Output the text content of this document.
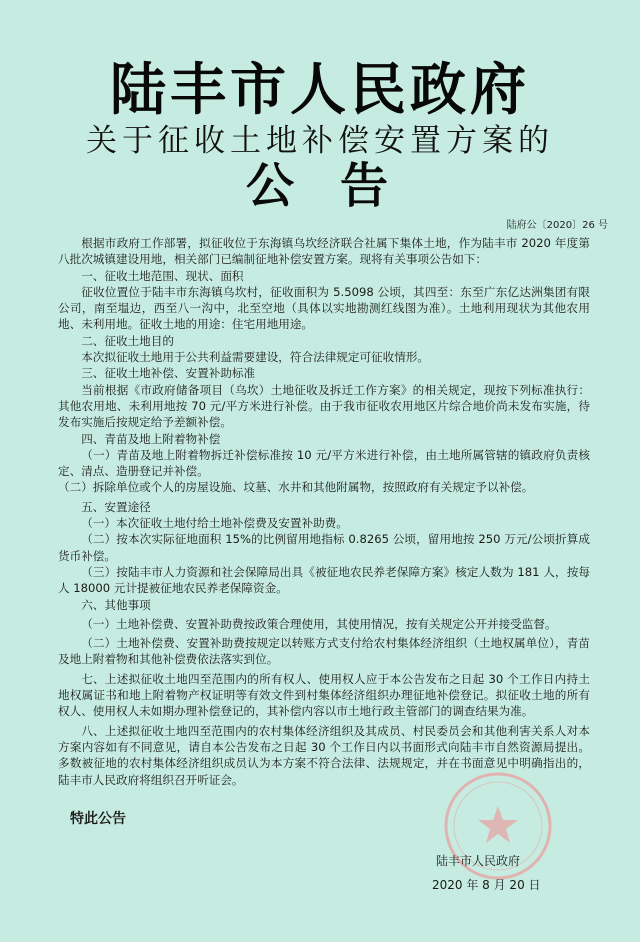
陆丰市人民政府
关于征收土地补偿安置方案的
公告
陆府公〔2020〕26 号

根据市政府工作部署，拟征收位于东海镇乌坎经济联合社属下集体土地，作为陆丰市 2020 年度第八批次城镇建设用地，相关部门已编制征地补偿安置方案。现将有关事项公告如下：

一、征收土地范围、现状、面积

征收位置位于陆丰市东海镇乌坎村，征收面积为 5.5098 公顷，其四至：东至广东亿达洲集团有限公司，南至塭边，西至八一沟中，北至空地（具体以实地勘测红线图为准）。土地利用现状为其他农用地、未利用地。征收土地的用途：住宅用地用途。

二、征收土地目的

本次拟征收土地用于公共利益需要建设，符合法律规定可征收情形。

三、征收土地补偿、安置补助标准

当前根据《市政府储备项目（乌坎）土地征收及拆迁工作方案》的相关规定，现按下列标准执行：其他农用地、未利用地按 70 元/平方米进行补偿。由于我市征收农用地区片综合地价尚未发布实施，待发布实施后按规定给予差额补偿。

四、青苗及地上附着物补偿

（一）青苗及地上附着物拆迁补偿标准按 10 元/平方米进行补偿，由土地所属管辖的镇政府负责核定、清点、造册登记并补偿。

（二）拆除单位或个人的房屋设施、坟墓、水井和其他附属物，按照政府有关规定予以补偿。

五、安置途径

（一）本次征收土地付给土地补偿费及安置补助费。

（二）按本次实际征地面积 15%的比例留用地指标 0.8265 公顷，留用地按 250 万元/公顷折算成货币补偿。

（三）按陆丰市人力资源和社会保障局出具《被征地农民养老保障方案》核定人数为 181 人，按每人 18000 元计提被征地农民养老保障资金。

六、其他事项

（一）土地补偿费、安置补助费按政策合理使用，其使用情况，按有关规定公开并接受监督。

（二）土地补偿费、安置补助费按规定以转账方式支付给农村集体经济组织（土地权属单位），青苗及地上附着物和其他补偿费依法落实到位。

七、上述拟征收土地四至范围内的所有权人、使用权人应于本公告发布之日起 30 个工作日内持土地权属证书和地上附着物产权证明等有效文件到村集体经济组织办理征地补偿登记。拟征收土地的所有权人、使用权人未如期办理补偿登记的，其补偿内容以市土地行政主管部门的调查结果为准。

八、上述拟征收土地四至范围内的农村集体经济组织及其成员、村民委员会和其他利害关系人对本方案内容如有不同意见，请自本公告发布之日起 30 个工作日内以书面形式向陆丰市自然资源局提出。多数被征地的农村集体经济组织成员认为本方案不符合法律、法规规定，并在书面意见中明确指出的，陆丰市人民政府将组织召开听证会。

特此公告
陆丰市人民政府
2020 年 8 月 20 日
